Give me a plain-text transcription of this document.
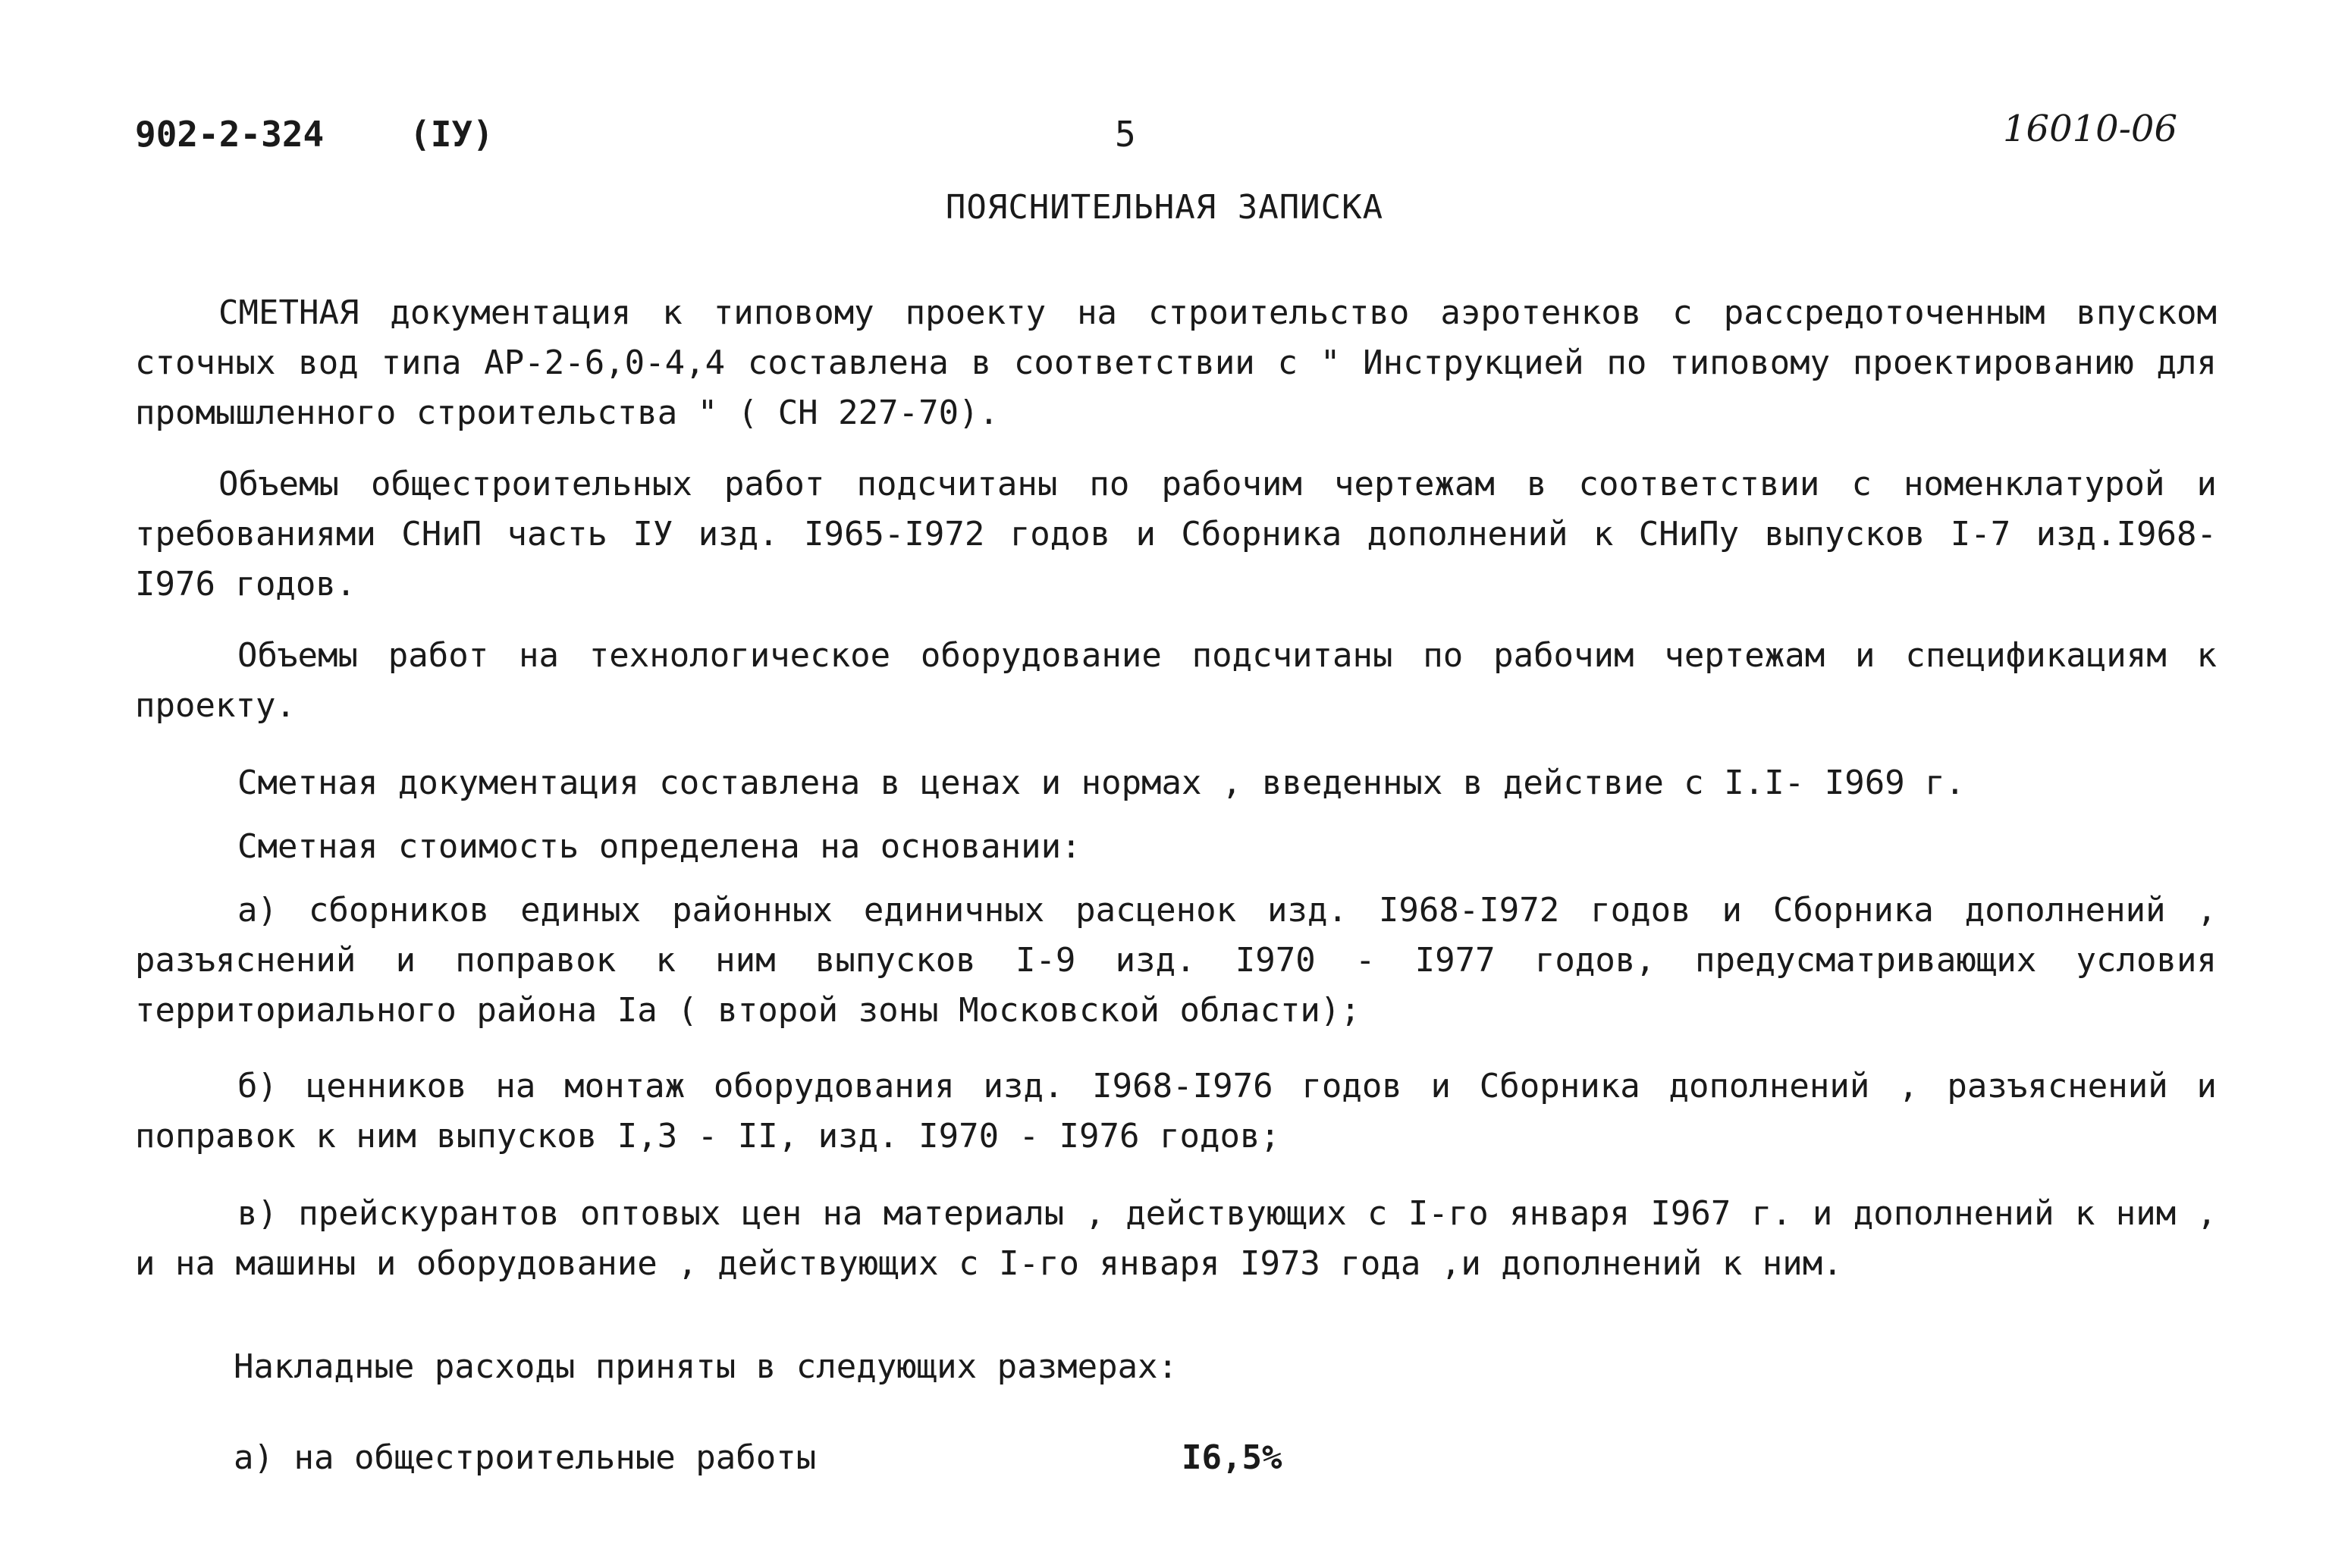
902-2-324 (IУ)	5	16010-06
ПОЯСНИТЕЛЬНАЯ ЗАПИСКА

СМЕТНАЯ документация к типовому проекту на строительство аэротенков с рассредоточенным впуском сточных вод типа АР-2-6,0-4,4 составлена в соответствии с " Инструкцией по типовому проектированию для промышленного строительства " ( СН 227-70).

Объемы общестроительных работ подсчитаны по рабочим чертежам в соответствии с номенклатурой и требованиями СНиП часть IУ изд. I965-I972 годов и Сборника дополнений к СНиПу выпусков I-7 изд.I968-I976 годов.

Объемы работ на технологическое оборудование подсчитаны по рабочим чертежам и спецификациям к проекту.

Сметная документация составлена в ценах и нормах , введенных в действие с I.I- I969 г.

Сметная стоимость определена на основании:

а) сборников единых районных единичных расценок изд. I968-I972 годов и Сборника дополнений , разъяснений и поправок к ним выпусков I-9 изд. I970 - I977 годов, предусматривающих условия территориального района Iа ( второй зоны Московской области);

б) ценников на монтаж оборудования изд. I968-I976 годов и Сборника дополнений , разъяснений и поправок к ним выпусков I,3 - II, изд. I970 - I976 годов;

в) прейскурантов оптовых цен на материалы , действующих с I-го января I967 г. и дополнений к ним , и на машины и оборудование , действующих с I-го января I973 года ,и дополнений к ним.

Накладные расходы приняты в следующих размерах:

а) на общестроительные работы	I6,5%
